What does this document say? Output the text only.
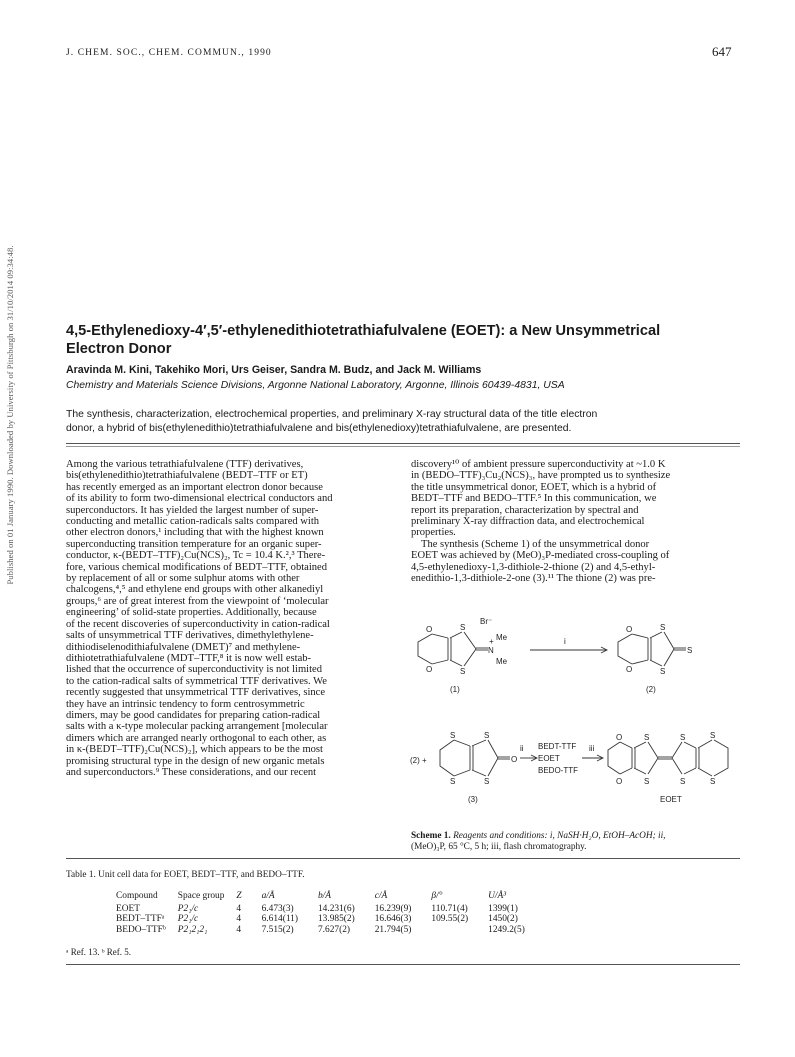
Published on 01 January 1990. Downloaded by University of Pittsburgh on 31/10/2014 09:34:48.
J. CHEM. SOC., CHEM. COMMUN., 1990	647
4,5-Ethylenedioxy-4′,5′-ethylenedithiotetrathiafulvalene (EOET): a New Unsymmetrical
Electron Donor
Aravinda M. Kini, Takehiko Mori, Urs Geiser, Sandra M. Budz, and Jack M. Williams
Chemistry and Materials Science Divisions, Argonne National Laboratory, Argonne, Illinois 60439-4831, USA
The synthesis, characterization, electrochemical properties, and preliminary X-ray structural data of the title electron
donor, a hybrid of bis(ethylenedithio)tetrathiafulvalene and bis(ethylenedioxy)tetrathiafulvalene, are presented.
Among the various tetrathiafulvalene (TTF) derivatives,
bis(ethylenedithio)tetrathiafulvalene (BEDT–TTF or ET)
has recently emerged as an important electron donor because
of its ability to form two-dimensional electrical conductors and
superconductors. It has yielded the largest number of super-
conducting and metallic cation-radicals salts compared with
other electron donors,¹ including that with the highest known
superconducting transition temperature for an organic super-
conductor, κ-(BEDT–TTF)₂Cu(NCS)₂, Tc = 10.4 K.²,³ There-
fore, various chemical modifications of BEDT–TTF, obtained
by replacement of all or some sulphur atoms with other
chalcogens,⁴,⁵ and ethylene end groups with other alkanediyl
groups,⁶ are of great interest from the viewpoint of ‘molecular
engineering’ of solid-state properties. Additionally, because
of the recent discoveries of superconductivity in cation-radical
salts of unsymmetrical TTF derivatives, dimethylethylene-
dithiodiselenodithiafulvalene (DMET)⁷ and methylene-
dithiotetrathiafulvalene (MDT–TTF,⁸ it is now well estab-
lished that the occurrence of superconductivity is not limited
to the cation-radical salts of symmetrical TTF derivatives. We
recently suggested that unsymmetrical TTF derivatives, since
they have an intrinsic tendency to form centrosymmetric
dimers, may be good candidates for preparing cation-radical
salts with a κ-type molecular packing arrangement [molecular
dimers which are arranged nearly orthogonal to each other, as
in κ-(BEDT–TTF)₂Cu(NCS)₂], which appears to be the most
promising structural type in the design of new organic metals
and superconductors.⁹ These considerations, and our recent
discovery¹⁰ of ambient pressure superconductivity at ~1.0 K
in (BEDO–TTF)₃Cu₂(NCS)₃, have prompted us to synthesize
the title unsymmetrical donor, EOET, which is a hybrid of
BEDT–TTF and BEDO–TTF.⁵ In this communication, we
report its preparation, characterization by spectral and
preliminary X-ray diffraction data, and electrochemical
properties.
The synthesis (Scheme 1) of the unsymmetrical donor
EOET was achieved by (MeO)₃P-mediated cross-coupling of
4,5-ethylenedioxy-1,3-dithiole-2-thione (2) and 4,5-ethyl-
enedithio-1,3-dithiole-2-one (3).¹¹ The thione (2) was pre-
O
O
S
S
N
+
Br⁻
Me
Me
(1)
i
O
O
S
S
S
(2)
(2) +
S
S
S
S
O
(3)
ii BEDT-TTF
EOET
BEDO-TTF
iii
O
O
S
S
S
S
S
S
EOET
Scheme 1. Reagents and conditions: i, NaSH·H₂O, EtOH–AcOH; ii,
(MeO)₃P, 65 °C, 5 h; iii, flash chromatography.
Table 1. Unit cell data for EOET, BEDT–TTF, and BEDO–TTF.
Compound	Space group	Z	a/Å	b/Å	c/Å	β/°	U/Å³
EOET	P2₁/c	4	6.473(3)	14.231(6)	16.239(9)	110.71(4)	1399(1)
BEDT–TTFᵃ	P2₁/c	4	6.614(11)	13.985(2)	16.646(3)	109.55(2)	1450(2)
BEDO–TTFᵇ	P2₁2₁2₁	4	7.515(2)	7.627(2)	21.794(5)		1249.2(5)
ᵃ Ref. 13. ᵇ Ref. 5.
